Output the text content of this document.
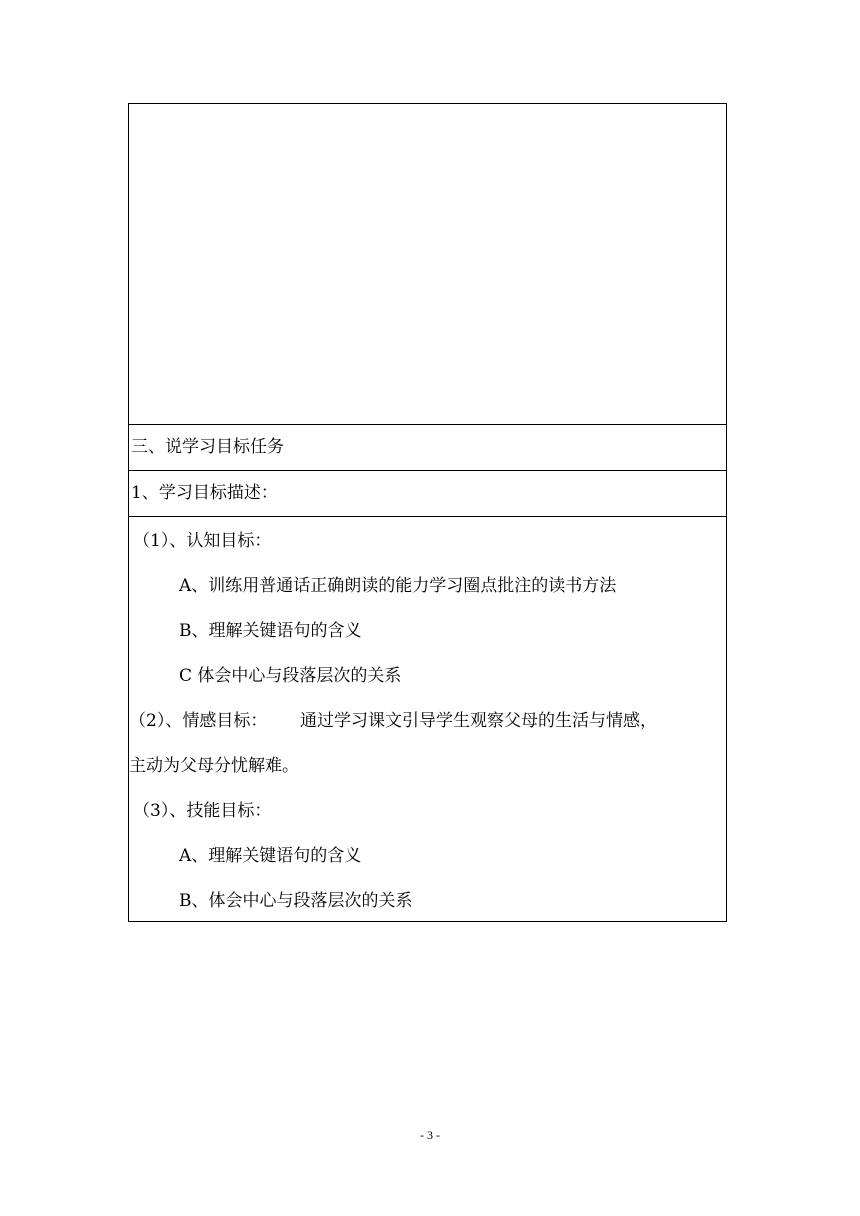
三、说学习目标任务
1、学习目标描述：
（1）、认知目标：
A、训练用普通话正确朗读的能力学习圈点批注的读书方法
B、理解关键语句的含义
C 体会中心与段落层次的关系
（2）、情感目标： 通过学习课文引导学生观察父母的生活与情感，
主动为父母分忧解难。
（3）、技能目标：
A、理解关键语句的含义
B、体会中心与段落层次的关系
- 3 -
